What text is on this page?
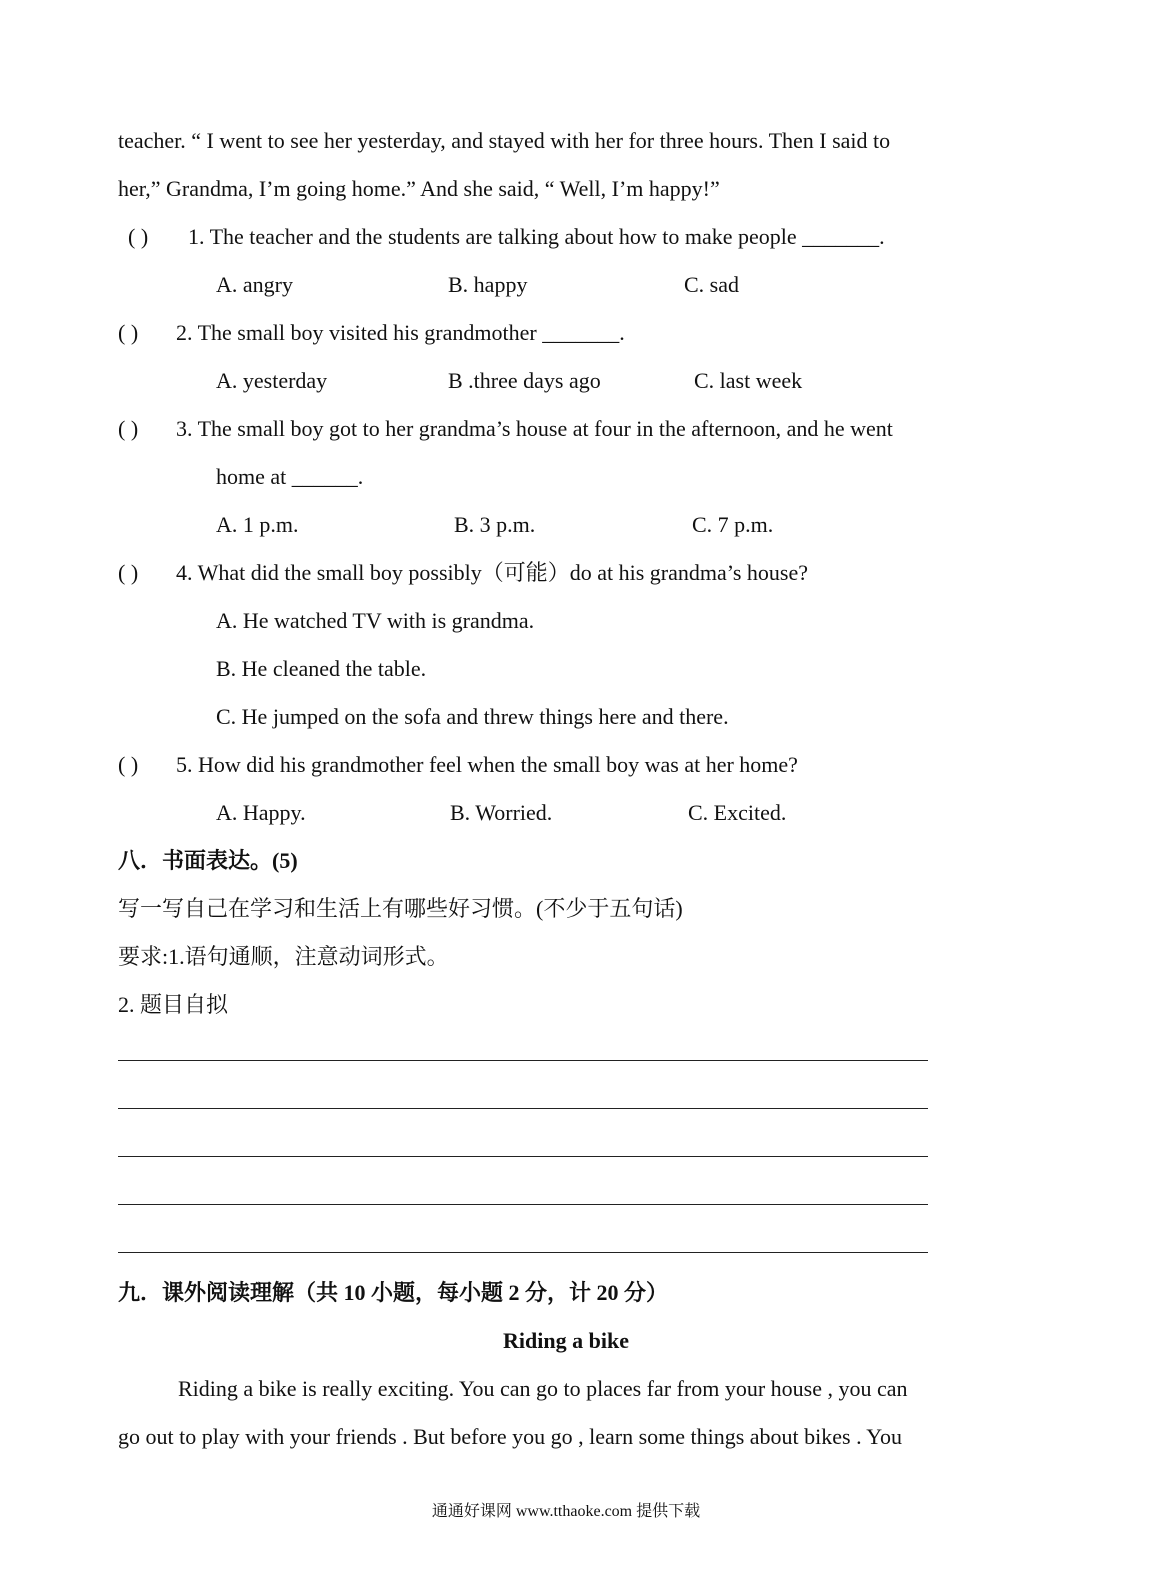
teacher. “ I went to see her yesterday, and stayed with her for three hours. Then I said to
her,” Grandma, I’m going home.” And she said, “ Well, I’m happy!”
( ) 1. The teacher and the students are talking about how to make people _______.
A. angry	B. happy	C. sad
( ) 2. The small boy visited his grandmother _______.
A. yesterday	B .three days ago	C. last week
( ) 3. The small boy got to her grandma’s house at four in the afternoon, and he went
home at ______.
A. 1 p.m.	B. 3 p.m.	C. 7 p.m.
( ) 4. What did the small boy possibly（可能）do at his grandma’s house?
A. He watched TV with is grandma.
B. He cleaned the table.
C. He jumped on the sofa and threw things here and there.
( ) 5. How did his grandmother feel when the small boy was at her home?
A. Happy.	B. Worried.	C. Excited.
八．书面表达。(5)
写一写自己在学习和生活上有哪些好习惯。(不少于五句话)
要求:1.语句通顺，注意动词形式。
2. 题目自拟
九．课外阅读理解（共 10 小题，每小题 2 分，计 20 分）
Riding a bike
Riding a bike is really exciting. You can go to places far from your house , you can
go out to play with your friends . But before you go , learn some things about bikes . You
通通好课网 www.tthaoke.com 提供下载
